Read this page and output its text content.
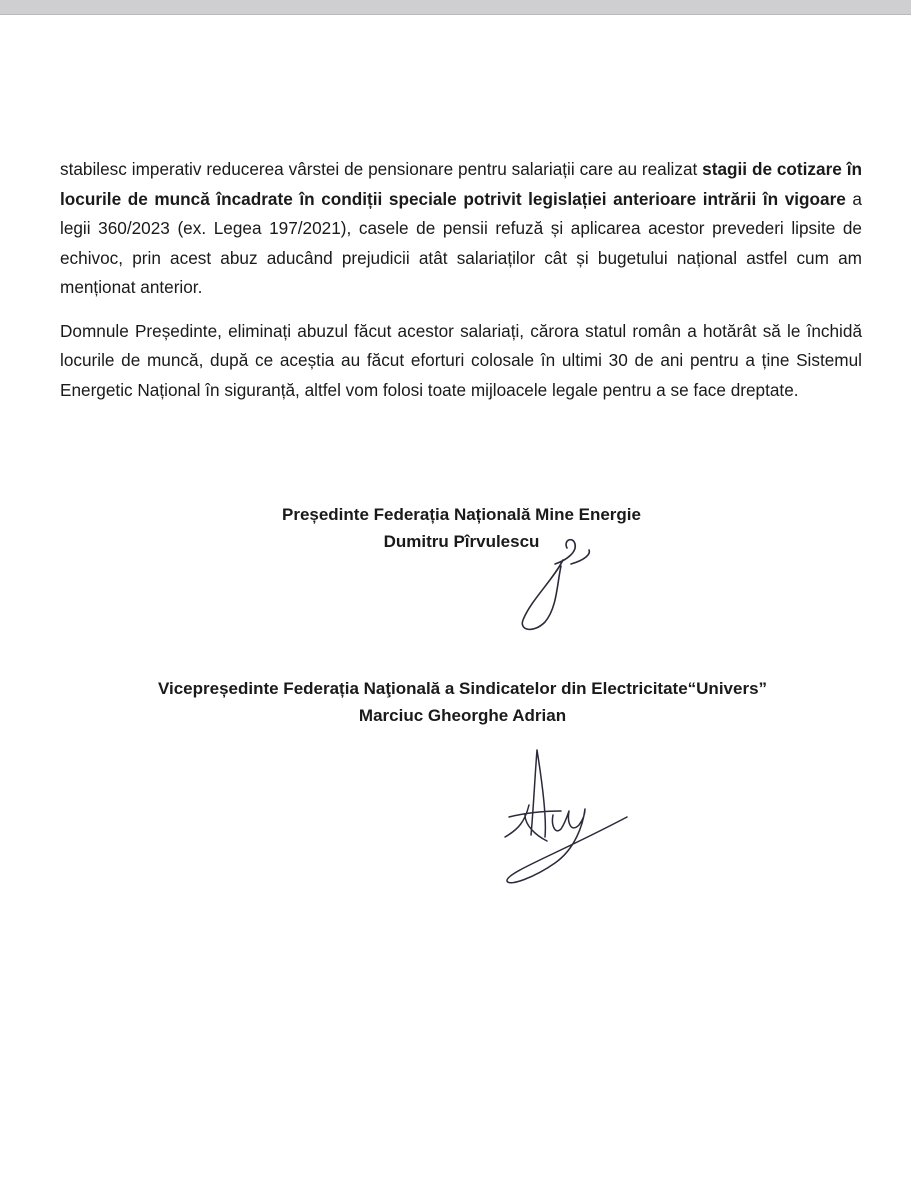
stabilesc imperativ reducerea vârstei de pensionare pentru salariații care au realizat stagii de cotizare în locurile de muncă încadrate în condiții speciale potrivit legislației anterioare intrării în vigoare a legii 360/2023 (ex. Legea 197/2021), casele de pensii refuză și aplicarea acestor prevederi lipsite de echivoc, prin acest abuz aducând prejudicii atât salariaților cât și bugetului național astfel cum am menționat anterior.

Domnule Președinte, eliminați abuzul făcut acestor salariați, cărora statul român a hotărât să le închidă locurile de muncă, după ce aceștia au făcut eforturi colosale în ultimi 30 de ani pentru a ține Sistemul Energetic Național în siguranță, altfel vom folosi toate mijloacele legale pentru a se face dreptate.

Președinte Federația Națională Mine Energie
Dumitru Pîrvulescu
Vicepreședinte Federația Naţională a Sindicatelor din Electricitate“Univers”
Marciuc Gheorghe Adrian
